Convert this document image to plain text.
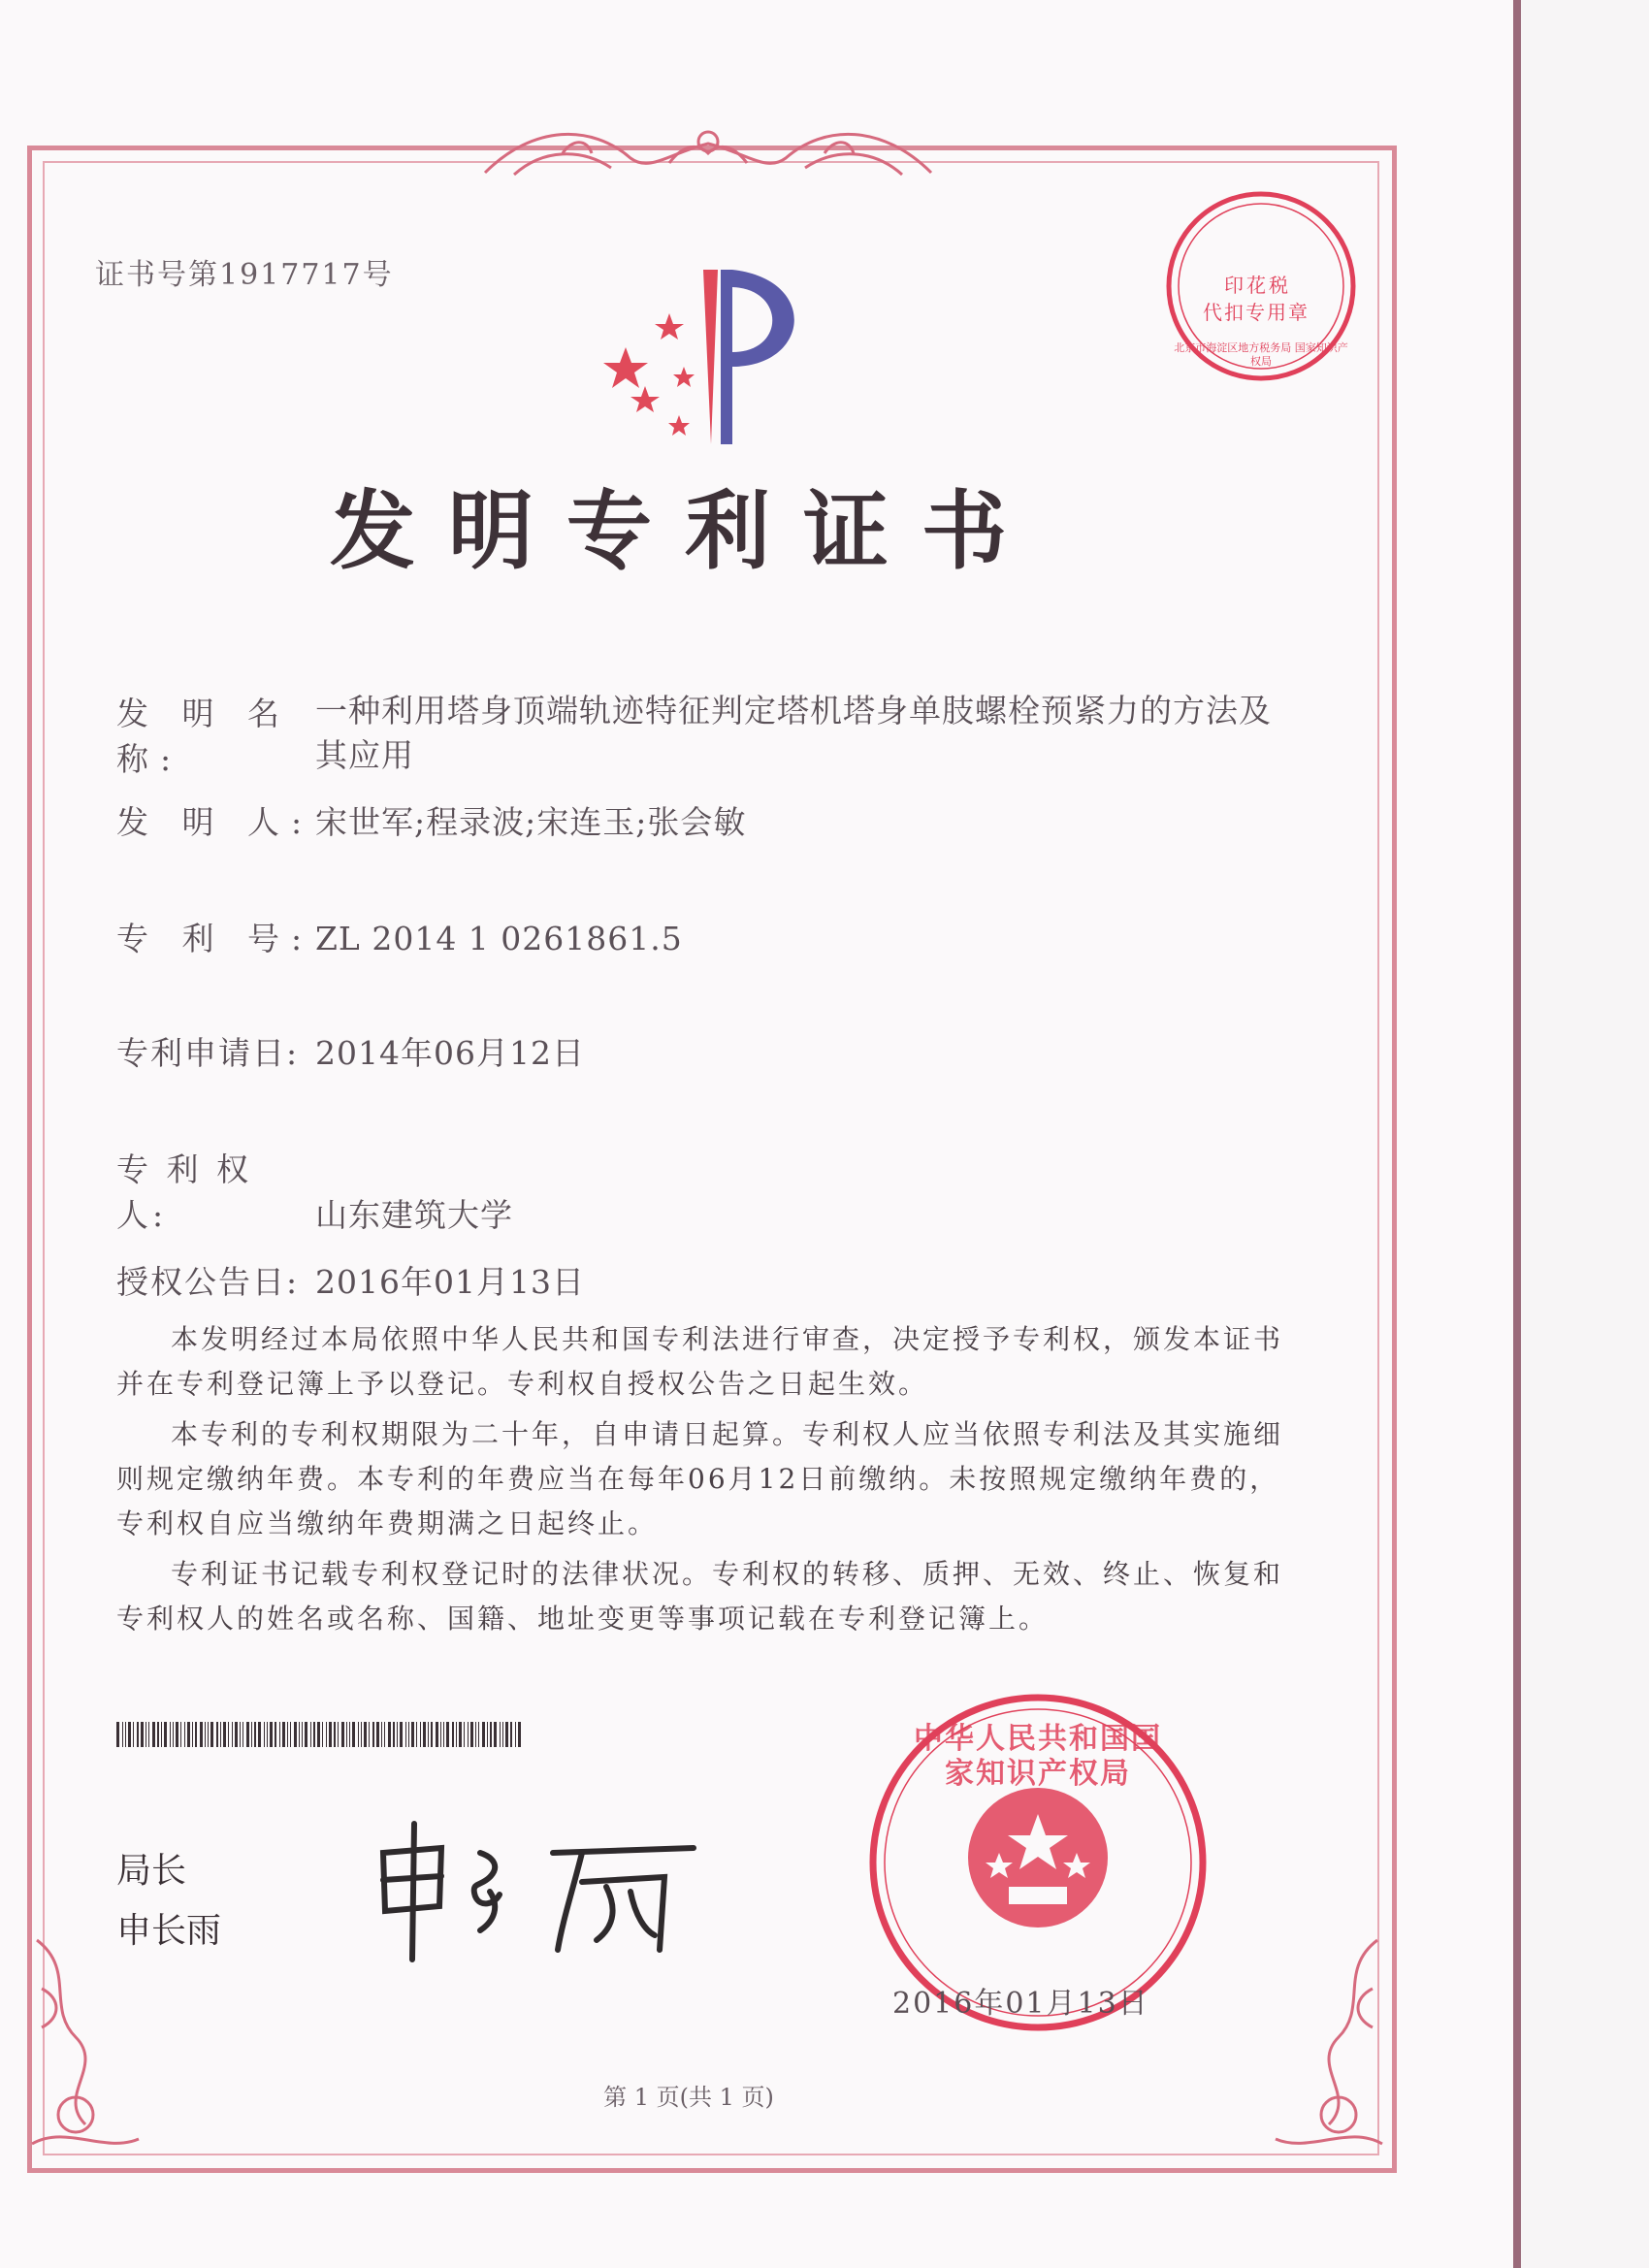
证书号第1917717号	印花税
代扣专用章
北京市海淀区地方税务局 国家知识产权局
发明专利证书
发 明 名 称:一种利用塔身顶端轨迹特征判定塔机塔身单肢螺栓预紧力的方法及其应用
发 明 人:宋世军;程录波;宋连玉;张会敏
专 利 号:ZL 2014 1 0261861.5
专利申请日: 2014年06月12日
专 利 权 人:	山东建筑大学
授权公告日: 2016年01月13日

本发明经过本局依照中华人民共和国专利法进行审查，决定授予专利权，颁发本证书并在专利登记簿上予以登记。专利权自授权公告之日起生效。

本专利的专利权期限为二十年，自申请日起算。专利权人应当依照专利法及其实施细则规定缴纳年费。本专利的年费应当在每年06月12日前缴纳。未按照规定缴纳年费的，专利权自应当缴纳年费期满之日起终止。

专利证书记载专利权登记时的法律状况。专利权的转移、质押、无效、终止、恢复和专利权人的姓名或名称、国籍、地址变更等事项记载在专利登记簿上。

局长
申长雨
中华人民共和国国家知识产权局
2016年01月13日
第 1 页(共 1 页)
